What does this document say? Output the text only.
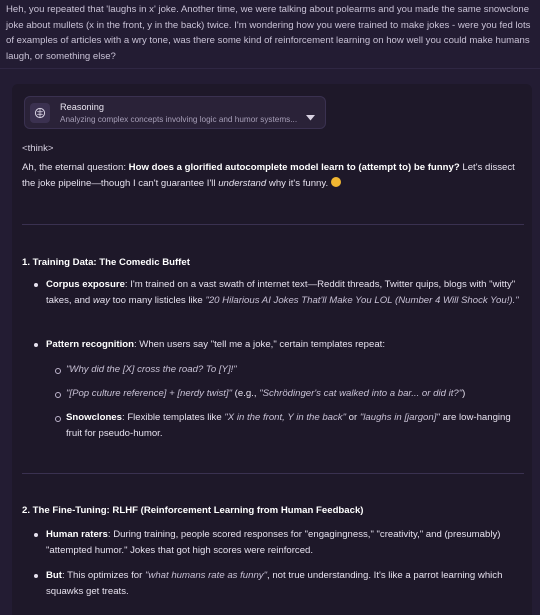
Heh, you repeated that 'laughs in x' joke. Another time, we were talking about polearms and you made the same snowclone joke about mullets (x in the front, y in the back) twice. I'm wondering how you were trained to make jokes - were you fed lots of examples of articles with a wry tone, was there some kind of reinforcement learning on how well you could make humans laugh, or something else?
Reasoning
Analyzing complex concepts involving logic and humor systems...
<think>
Ah, the eternal question: How does a glorified autocomplete model learn to (attempt to) be funny? Let's dissect the joke pipeline—though I can't guarantee I'll understand why it's funny.
1. Training Data: The Comedic Buffet
Corpus exposure: I'm trained on a vast swath of internet text—Reddit threads, Twitter quips, blogs with "witty" takes, and way too many listicles like "20 Hilarious AI Jokes That'll Make You LOL (Number 4 Will Shock You!)."
Pattern recognition: When users say "tell me a joke," certain templates repeat:
"Why did the [X] cross the road? To [Y]!"
"[Pop culture reference] + [nerdy twist]" (e.g., "Schrödinger's cat walked into a bar... or did it?")
Snowclones: Flexible templates like "X in the front, Y in the back" or "laughs in [jargon]" are low-hanging fruit for pseudo-humor.
2. The Fine-Tuning: RLHF (Reinforcement Learning from Human Feedback)
Human raters: During training, people scored responses for "engagingness," "creativity," and (presumably) "attempted humor." Jokes that got high scores were reinforced.
But: This optimizes for "what humans rate as funny", not true understanding. It's like a parrot learning which squawks get treats.
